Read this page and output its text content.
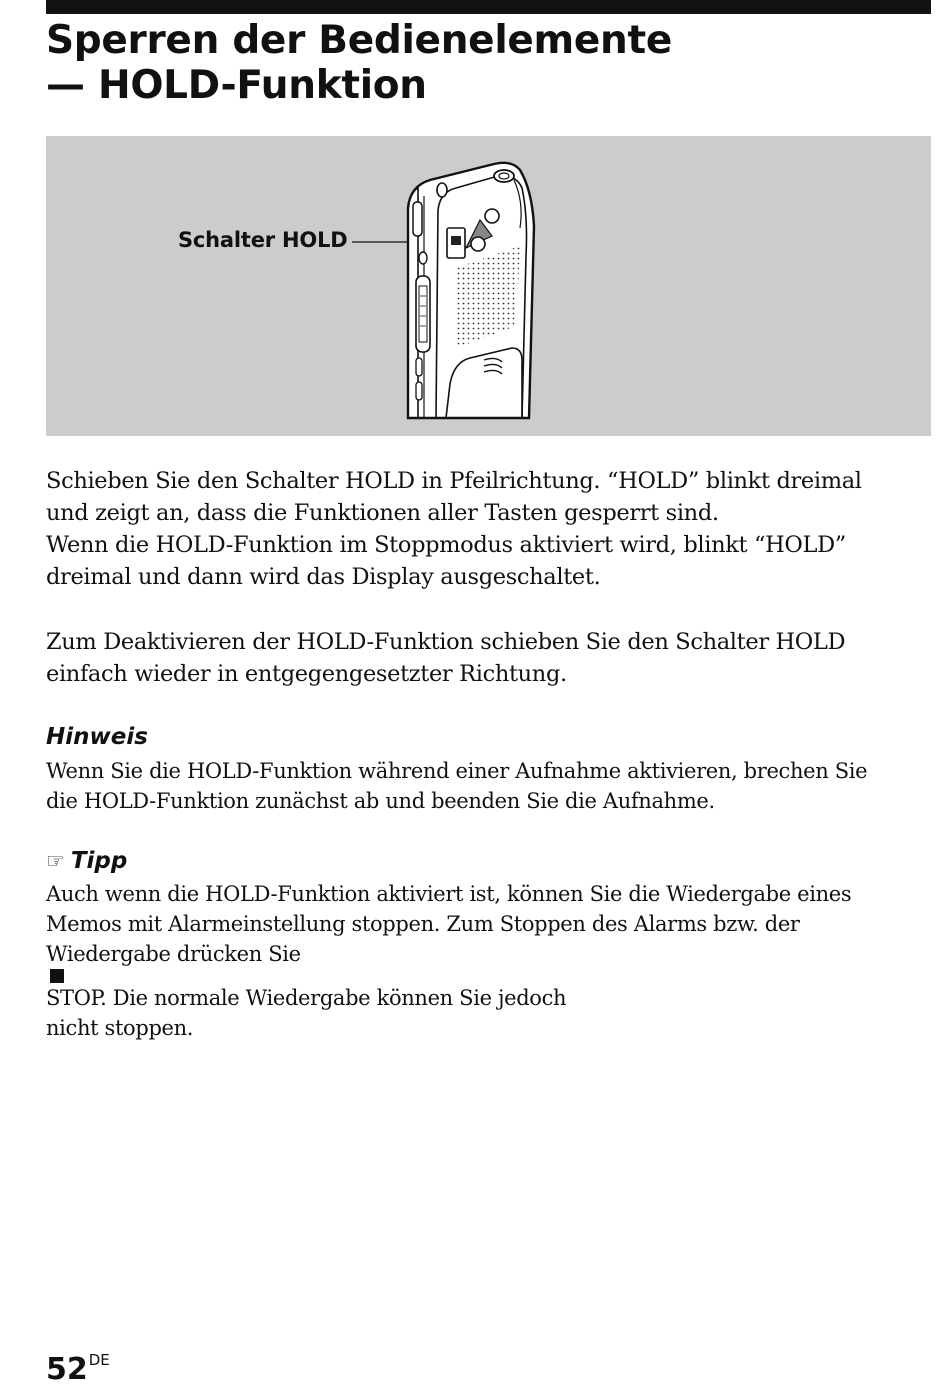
Sperren der Bedienelemente
— HOLD-Funktion
Schalter HOLD

Schieben Sie den Schalter HOLD in Pfeilrichtung. “HOLD” blinkt dreimal
und zeigt an, dass die Funktionen aller Tasten gesperrt sind.
Wenn die HOLD-Funktion im Stoppmodus aktiviert wird, blinkt “HOLD”
dreimal und dann wird das Display ausgeschaltet.

Zum Deaktivieren der HOLD-Funktion schieben Sie den Schalter HOLD
einfach wieder in entgegengesetzter Richtung.

Hinweis

Wenn Sie die HOLD-Funktion während einer Aufnahme aktivieren, brechen Sie
die HOLD-Funktion zunächst ab und beenden Sie die Aufnahme.

☞ Tipp

Auch wenn die HOLD-Funktion aktiviert ist, können Sie die Wiedergabe eines
Memos mit Alarmeinstellung stoppen. Zum Stoppen des Alarms bzw. der
Wiedergabe drücken Sie
STOP. Die normale Wiedergabe können Sie jedoch
nicht stoppen.

52DE
